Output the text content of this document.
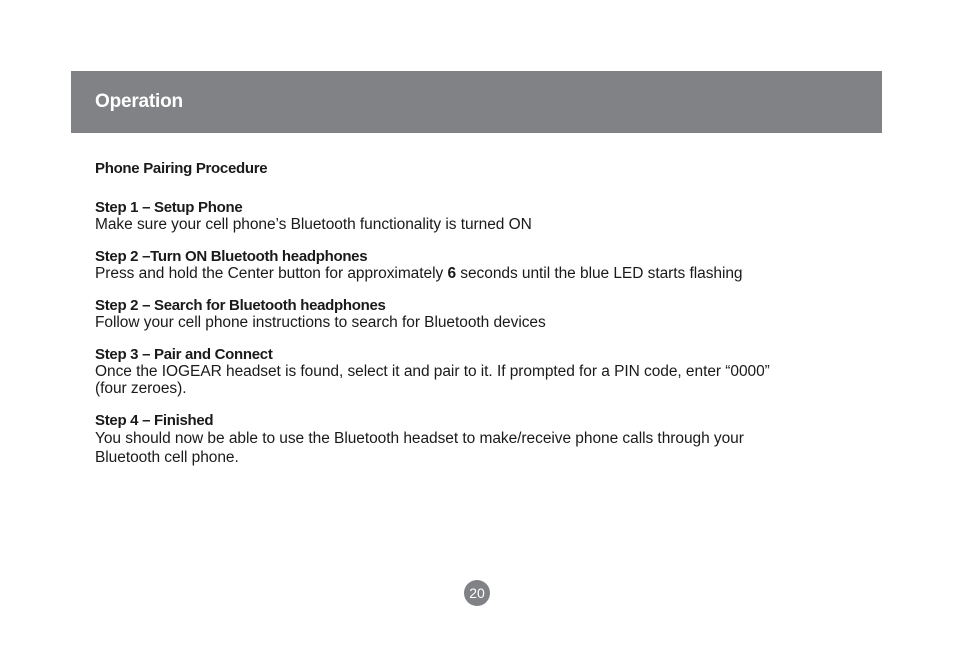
Operation
Phone Pairing Procedure
Step 1 – Setup Phone
Make sure your cell phone’s Bluetooth functionality is turned ON
Step 2 –Turn ON Bluetooth headphones
Press and hold the Center button for approximately 6 seconds until the blue LED starts flashing
Step 2 – Search for Bluetooth headphones
Follow your cell phone instructions to search for Bluetooth devices
Step 3 – Pair and Connect
Once the IOGEAR headset is found, select it and pair to it. If prompted for a PIN code, enter “0000”
(four zeroes).
Step 4 – Finished
You should now be able to use the Bluetooth headset to make/receive phone calls through your
Bluetooth cell phone.
20
